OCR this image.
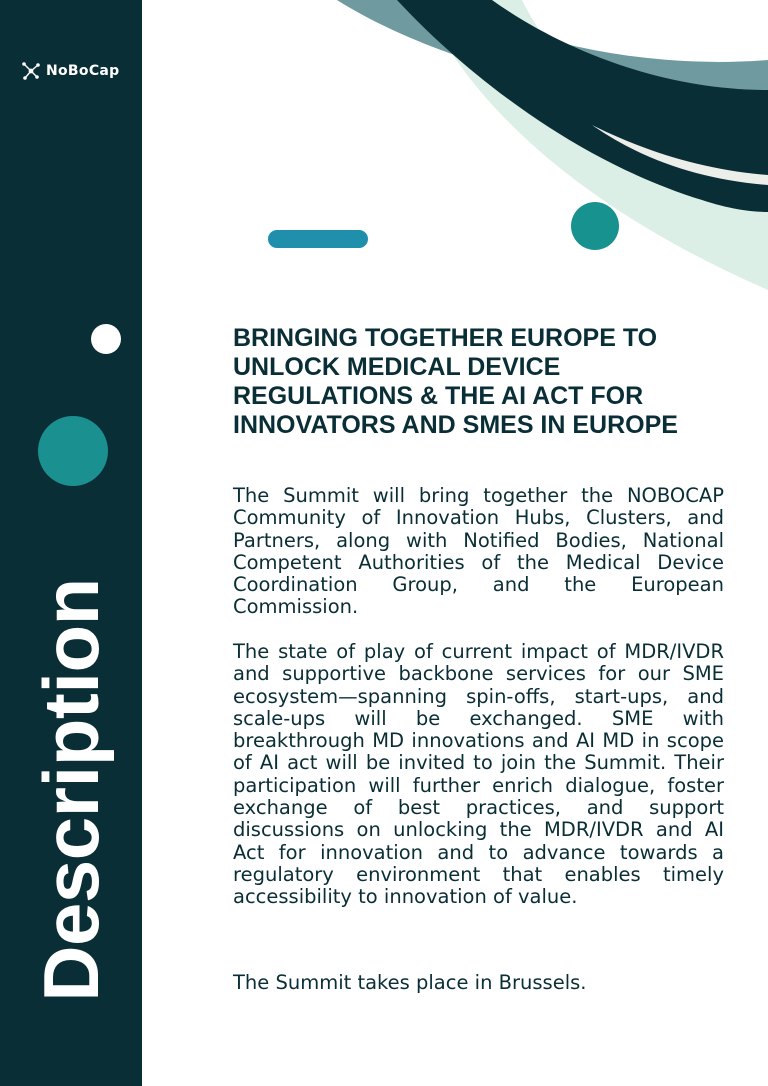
NoBoCap
Description
BRINGING TOGETHER EUROPE TO UNLOCK MEDICAL DEVICE REGULATIONS & THE AI ACT FOR INNOVATORS AND SMES IN EUROPE

The Summit will bring together the NOBOCAP Community of Innovation Hubs, Clusters, and Partners, along with Notified Bodies, National Competent Authorities of the Medical Device Coordination Group, and the European Commission.

The state of play of current impact of MDR/IVDR and supportive backbone services for our SME ecosystem—spanning spin-offs, start-ups, and scale-ups will be exchanged. SME with breakthrough MD innovations and AI MD in scope of AI act will be invited to join the Summit. Their participation will further enrich dialogue, foster exchange of best practices, and support discussions on unlocking the MDR/IVDR and AI Act for innovation and to advance towards a regulatory environment that enables timely accessibility to innovation of value.

The Summit takes place in Brussels.
